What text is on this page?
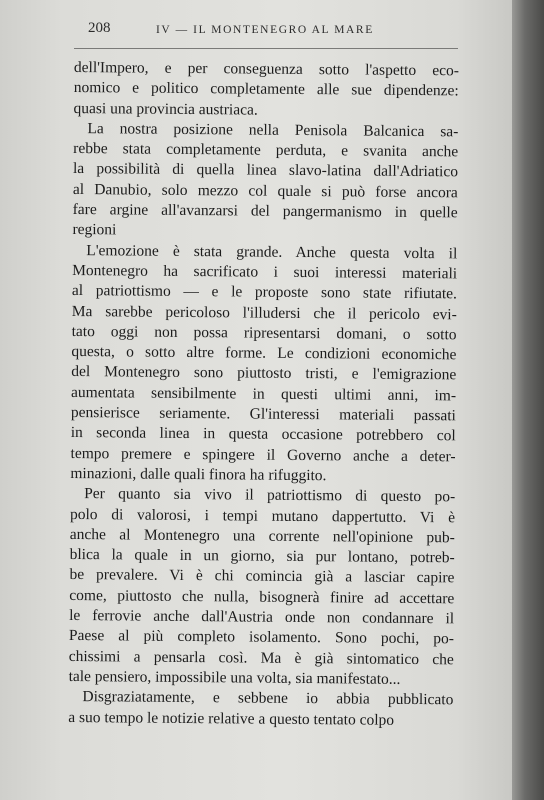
208	IV — IL MONTENEGRO AL MARE

dell'Impero, e per conseguenza sotto l'aspetto eco-
nomico e politico completamente alle sue dipendenze:
quasi una provincia austriaca.

La nostra posizione nella Penisola Balcanica sa-
rebbe stata completamente perduta, e svanita anche
la possibilità di quella linea slavo-latina dall'Adriatico
al Danubio, solo mezzo col quale si può forse ancora
fare argine all'avanzarsi del pangermanismo in quelle
regioni

L'emozione è stata grande. Anche questa volta il
Montenegro ha sacrificato i suoi interessi materiali
al patriottismo — e le proposte sono state rifiutate.
Ma sarebbe pericoloso l'illudersi che il pericolo evi-
tato oggi non possa ripresentarsi domani, o sotto
questa, o sotto altre forme. Le condizioni economiche
del Montenegro sono piuttosto tristi, e l'emigrazione
aumentata sensibilmente in questi ultimi anni, im-
pensierisce seriamente. Gl'interessi materiali passati
in seconda linea in questa occasione potrebbero col
tempo premere e spingere il Governo anche a deter-
minazioni, dalle quali finora ha rifuggito.

Per quanto sia vivo il patriottismo di questo po-
polo di valorosi, i tempi mutano dappertutto. Vi è
anche al Montenegro una corrente nell'opinione pub-
blica la quale in un giorno, sia pur lontano, potreb-
be prevalere. Vi è chi comincia già a lasciar capire
come, piuttosto che nulla, bisognerà finire ad accettare
le ferrovie anche dall'Austria onde non condannare il
Paese al più completo isolamento. Sono pochi, po-
chissimi a pensarla così. Ma è già sintomatico che
tale pensiero, impossibile una volta, sia manifestato...

Disgraziatamente, e sebbene io abbia pubblicato
a suo tempo le notizie relative a questo tentato colpo
